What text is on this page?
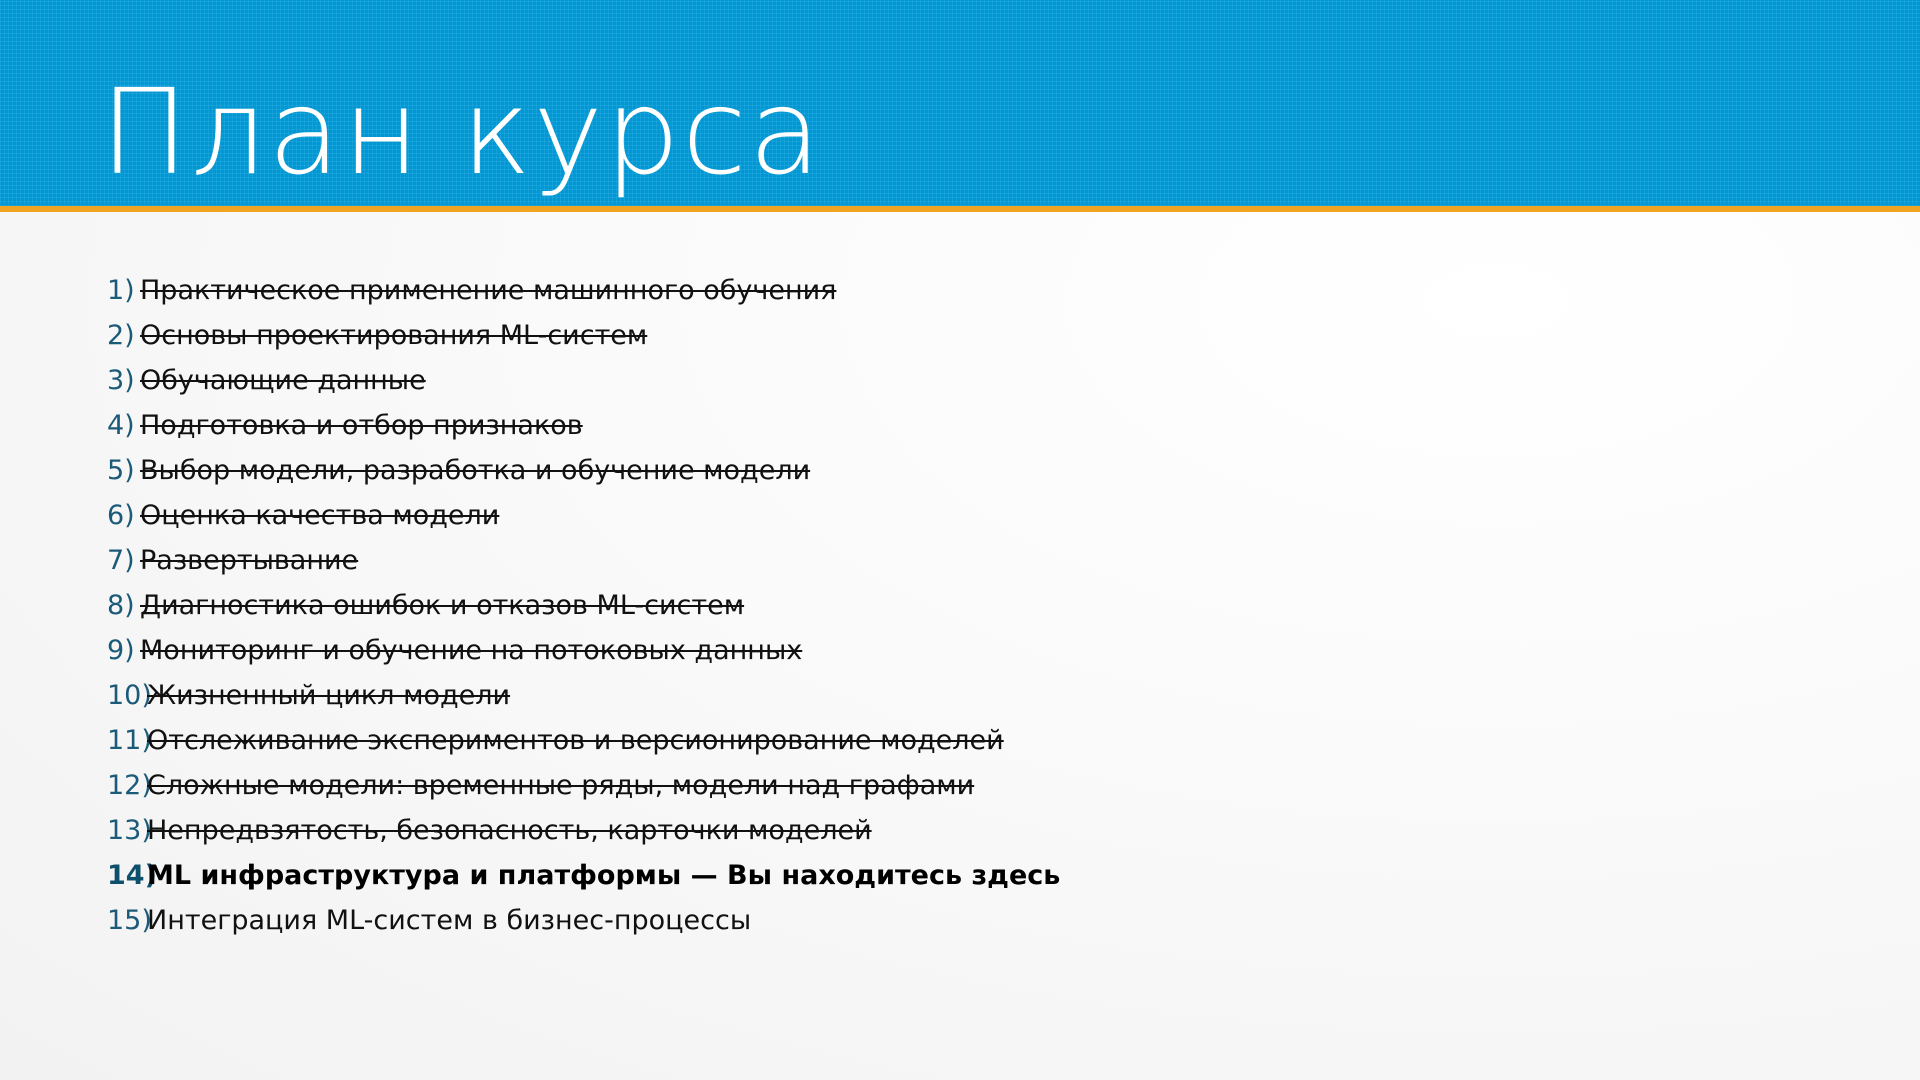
План курса
1) Практическое применение машинного обучения
2) Основы проектирования ML-систем
3) Обучающие данные
4) Подготовка и отбор признаков
5) Выбор модели, разработка и обучение модели
6) Оценка качества модели
7) Развертывание
8) Диагностика ошибок и отказов ML-систем
9) Мониторинг и обучение на потоковых данных
10)
Жизненный цикл модели
11)
Отслеживание экспериментов и версионирование моделей
12)
Сложные модели: временные ряды, модели над графами
13)
Непредвзятость, безопасность, карточки моделей
14)
ML инфраструктура и платформы — Вы находитесь здесь
15)
Интеграция ML-систем в бизнес-процессы
